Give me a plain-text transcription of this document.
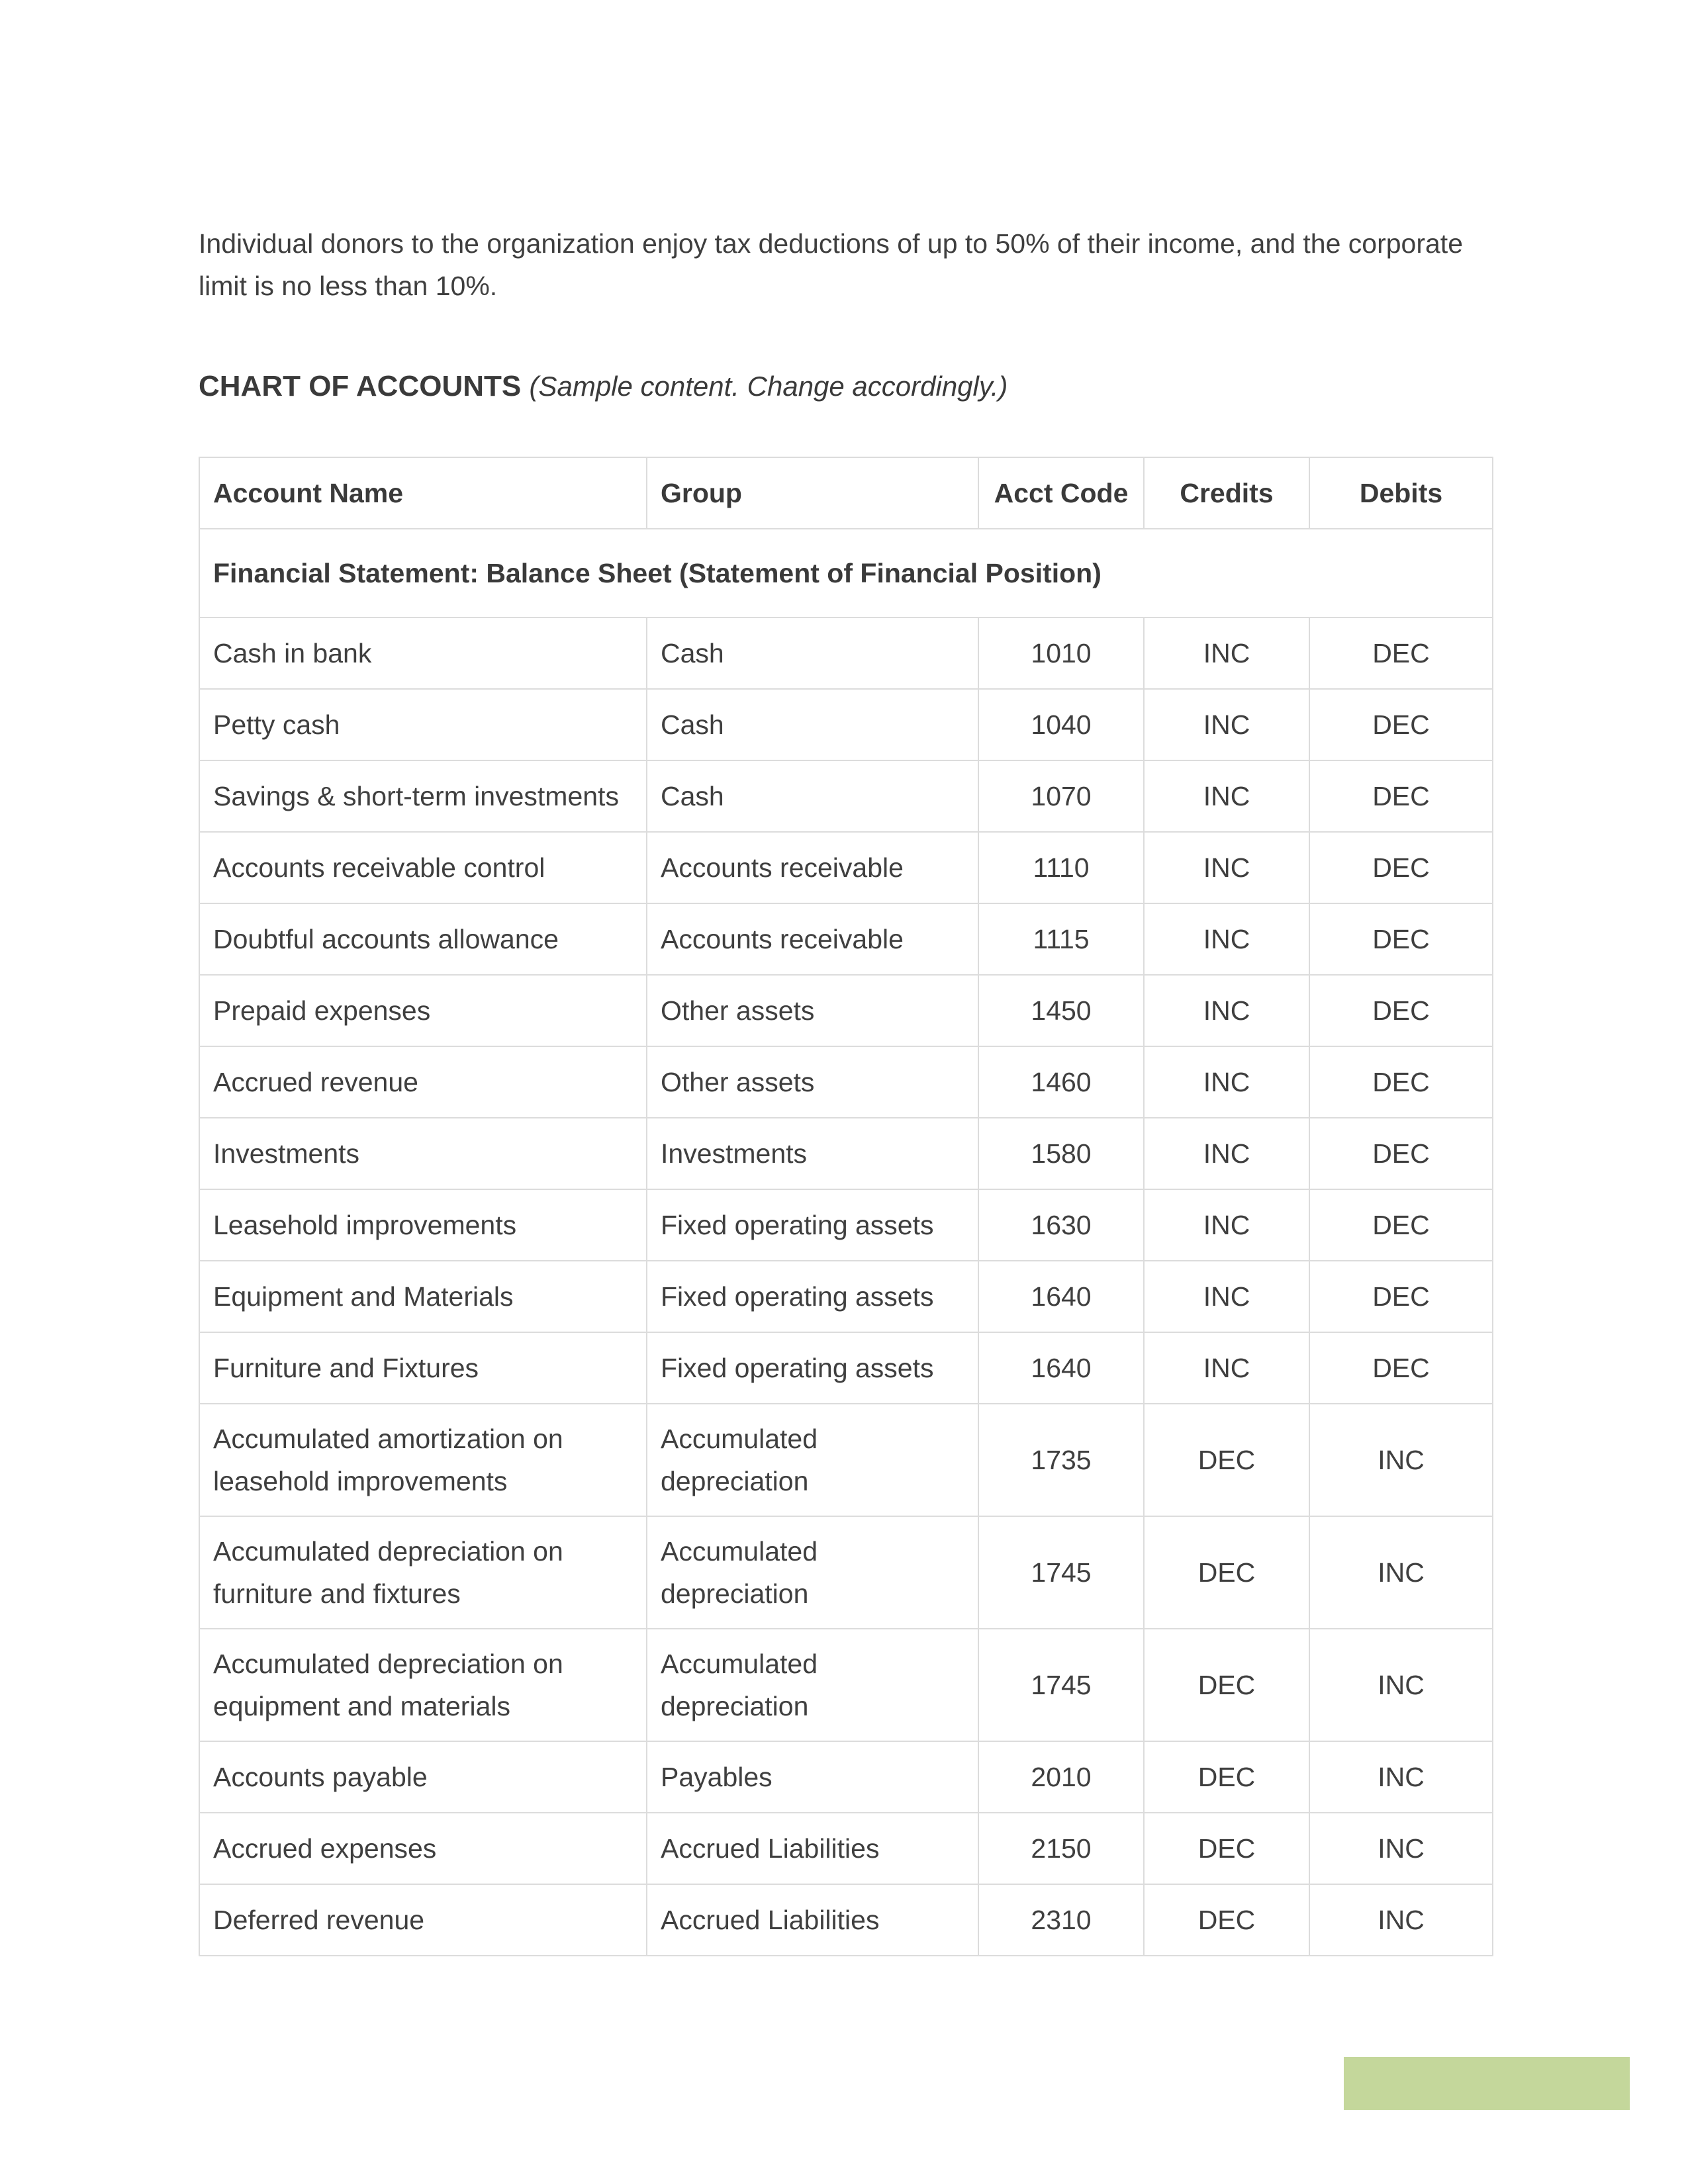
Individual donors to the organization enjoy tax deductions of up to 50% of their income, and the corporate limit is no less than 10%.

CHART OF ACCOUNTS (Sample content. Change accordingly.)
Account Name	Group	Acct Code	Credits	Debits
Financial Statement: Balance Sheet (Statement of Financial Position)				
Cash in bank	Cash	1010	INC	DEC
Petty cash	Cash	1040	INC	DEC
Savings & short-term investments	Cash	1070	INC	DEC
Accounts receivable control	Accounts receivable	1110	INC	DEC
Doubtful accounts allowance	Accounts receivable	1115	INC	DEC
Prepaid expenses	Other assets	1450	INC	DEC
Accrued revenue	Other assets	1460	INC	DEC
Investments	Investments	1580	INC	DEC
Leasehold improvements	Fixed operating assets	1630	INC	DEC
Equipment and Materials	Fixed operating assets	1640	INC	DEC
Furniture and Fixtures	Fixed operating assets	1640	INC	DEC
Accumulated amortization on leasehold improvements	Accumulated depreciation	1735	DEC	INC
Accumulated depreciation on furniture and fixtures	Accumulated depreciation	1745	DEC	INC
Accumulated depreciation on equipment and materials	Accumulated depreciation	1745	DEC	INC
Accounts payable	Payables	2010	DEC	INC
Accrued expenses	Accrued Liabilities	2150	DEC	INC
Deferred revenue	Accrued Liabilities	2310	DEC	INC
